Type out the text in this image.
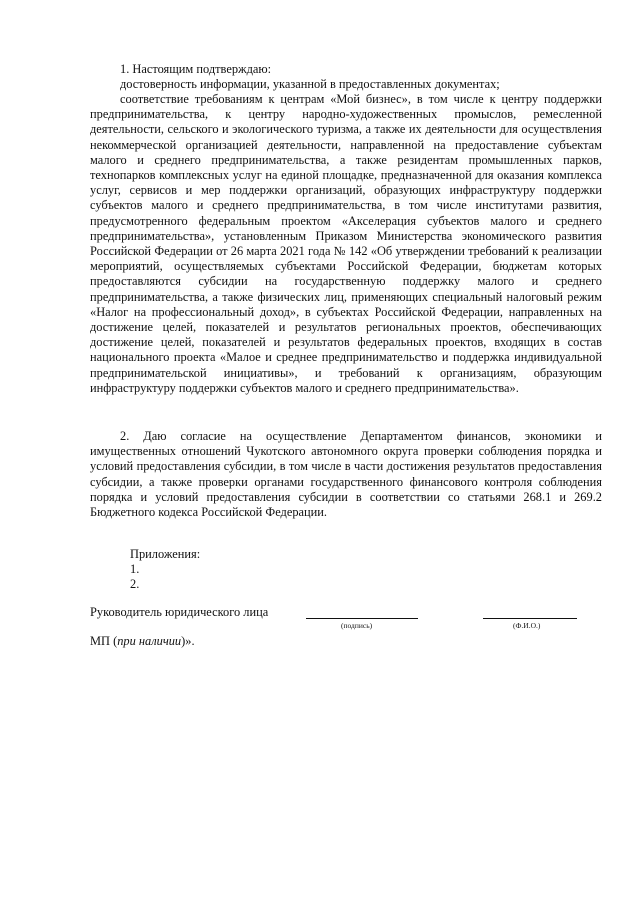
1. Настоящим подтверждаю:
достоверность информации, указанной в предоставленных документах;
соответствие требованиям к центрам «Мой бизнес», в том числе к центру поддержки предпринимательства, к центру народно-художественных промыслов, ремесленной деятельности, сельского и экологического туризма, а также их деятельности для осуществления некоммерческой организацией деятельности, направленной на предоставление субъектам малого и среднего предпринимательства, а также резидентам промышленных парков, технопарков комплексных услуг на единой площадке, предназначенной для оказания комплекса услуг, сервисов и мер поддержки организаций, образующих инфраструктуру поддержки субъектов малого и среднего предпринимательства, в том числе институтами развития, предусмотренного федеральным проектом «Акселерация субъектов малого и среднего предпринимательства», установленным Приказом Министерства экономического развития Российской Федерации от 26 марта 2021 года № 142 «Об утверждении требований к реализации мероприятий, осуществляемых субъектами Российской Федерации, бюджетам которых предоставляются субсидии на государственную поддержку малого и среднего предпринимательства, а также физических лиц, применяющих специальный налоговый режим «Налог на профессиональный доход», в субъектах Российской Федерации, направленных на достижение целей, показателей и результатов региональных проектов, обеспечивающих достижение целей, показателей и результатов федеральных проектов, входящих в состав национального проекта «Малое и среднее предпринимательство и поддержка индивидуальной предпринимательской инициативы», и требований к организациям, образующим инфраструктуру поддержки субъектов малого и среднего предпринимательства».
2. Даю согласие на осуществление Департаментом финансов, экономики и имущественных отношений Чукотского автономного округа проверки соблюдения порядка и условий предоставления субсидии, в том числе в части достижения результатов предоставления субсидии, а также проверки органами государственного финансового контроля соблюдения порядка и условий предоставления субсидии в соответствии со статьями 268.1 и 269.2 Бюджетного кодекса Российской Федерации.
Приложения:
1.
2.
Руководитель юридического лица
(подпись)	(Ф.И.О.)
МП (при наличии)».
